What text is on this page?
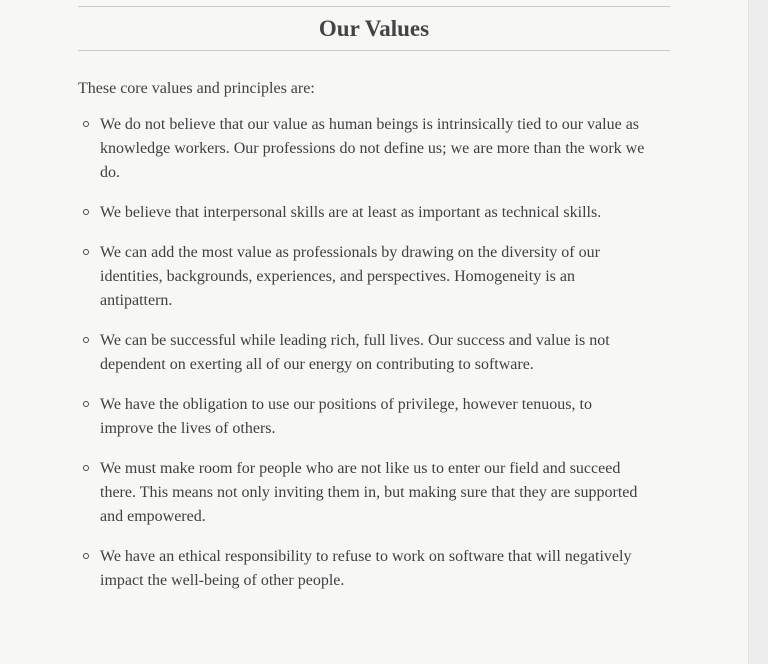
Our Values

These core values and principles are:

We do not believe that our value as human beings is intrinsically tied to our value as knowledge workers. Our professions do not define us; we are more than the work we do.
We believe that interpersonal skills are at least as important as technical skills.
We can add the most value as professionals by drawing on the diversity of our identities, backgrounds, experiences, and perspectives. Homogeneity is an antipattern.
We can be successful while leading rich, full lives. Our success and value is not dependent on exerting all of our energy on contributing to software.
We have the obligation to use our positions of privilege, however tenuous, to improve the lives of others.
We must make room for people who are not like us to enter our field and succeed there. This means not only inviting them in, but making sure that they are supported and empowered.
We have an ethical responsibility to refuse to work on software that will negatively impact the well-being of other people.
